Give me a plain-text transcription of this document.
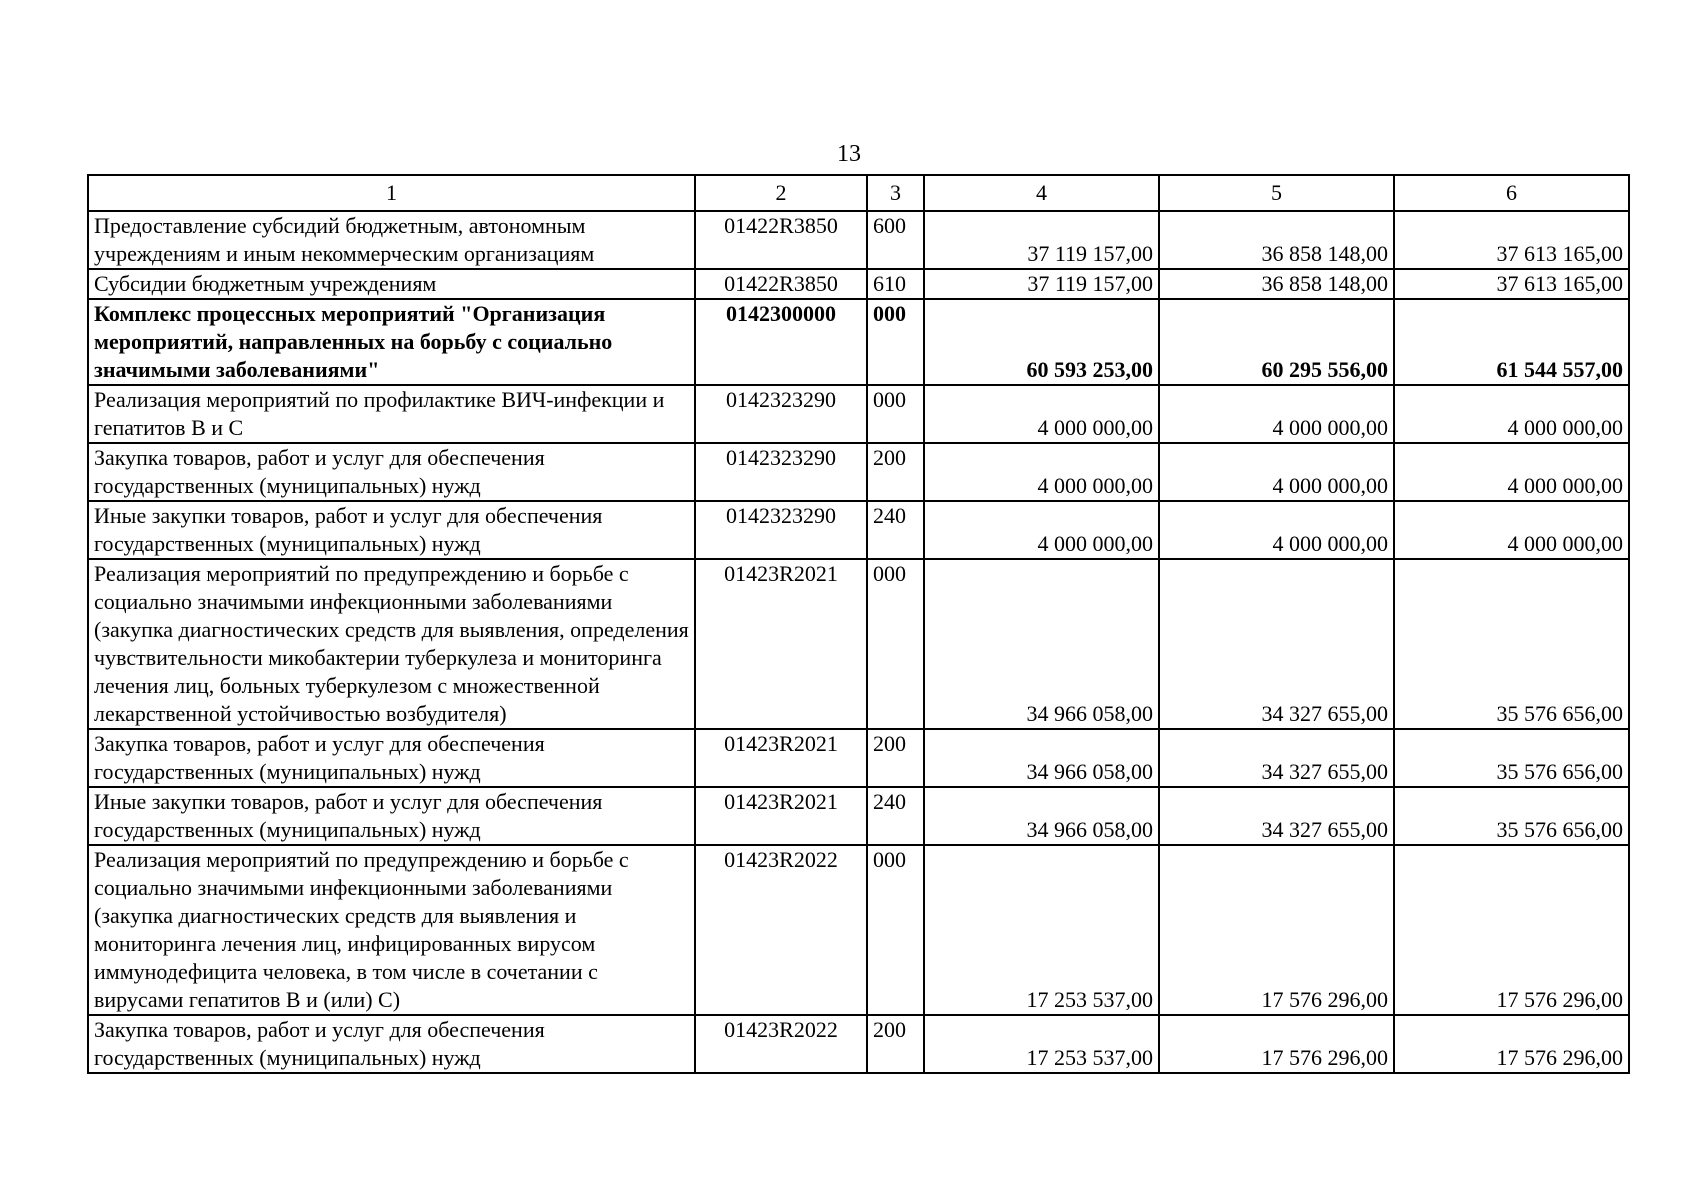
13
1	2	3	4	5	6
Предоставление субсидий бюджетным, автономным учреждениям и иным некоммерческим организациям	01422R3850	600	37 119 157,00	36 858 148,00	37 613 165,00
Субсидии бюджетным учреждениям	01422R3850	610	37 119 157,00	36 858 148,00	37 613 165,00
Комплекс процессных мероприятий "Организация мероприятий, направленных на борьбу с социально значимыми заболеваниями"	0142300000	000	60 593 253,00	60 295 556,00	61 544 557,00
Реализация мероприятий по профилактике ВИЧ-инфекции и гепатитов В и С	0142323290	000	4 000 000,00	4 000 000,00	4 000 000,00
Закупка товаров, работ и услуг для обеспечения государственных (муниципальных) нужд	0142323290	200	4 000 000,00	4 000 000,00	4 000 000,00
Иные закупки товаров, работ и услуг для обеспечения государственных (муниципальных) нужд	0142323290	240	4 000 000,00	4 000 000,00	4 000 000,00
Реализация мероприятий по предупреждению и борьбе с социально значимыми инфекционными заболеваниями (закупка диагностических средств для выявления, определения чувствительности микобактерии туберкулеза и мониторинга лечения лиц, больных туберкулезом с множественной лекарственной устойчивостью возбудителя)	01423R2021	000	34 966 058,00	34 327 655,00	35 576 656,00
Закупка товаров, работ и услуг для обеспечения государственных (муниципальных) нужд	01423R2021	200	34 966 058,00	34 327 655,00	35 576 656,00
Иные закупки товаров, работ и услуг для обеспечения государственных (муниципальных) нужд	01423R2021	240	34 966 058,00	34 327 655,00	35 576 656,00
Реализация мероприятий по предупреждению и борьбе с социально значимыми инфекционными заболеваниями (закупка диагностических средств для выявления и мониторинга лечения лиц, инфицированных вирусом иммунодефицита человека, в том числе в сочетании с вирусами гепатитов В и (или) С)	01423R2022	000	17 253 537,00	17 576 296,00	17 576 296,00
Закупка товаров, работ и услуг для обеспечения государственных (муниципальных) нужд	01423R2022	200	17 253 537,00	17 576 296,00	17 576 296,00
